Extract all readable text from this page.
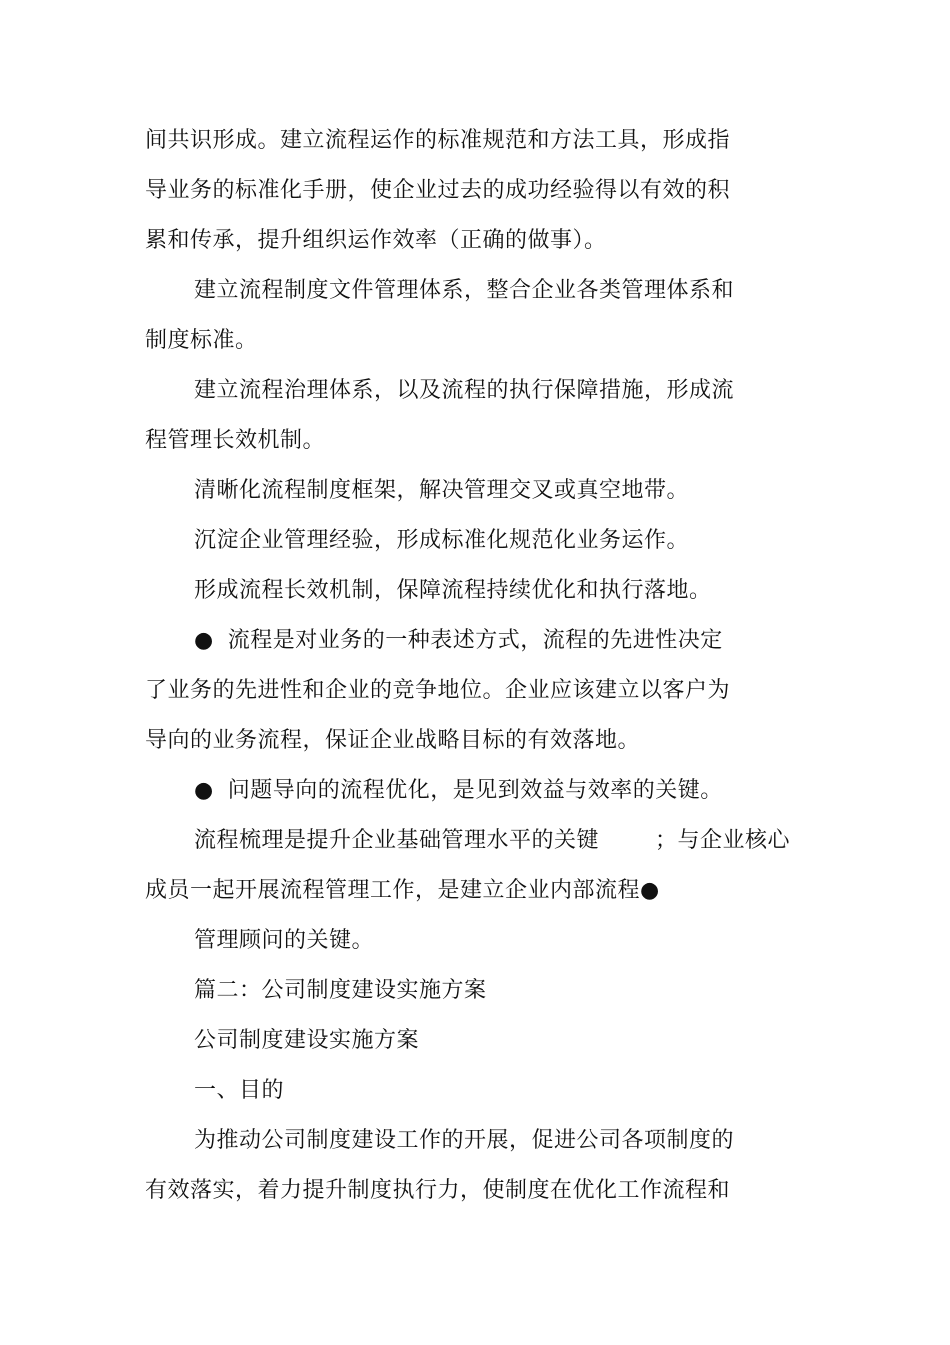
间共识形成。建立流程运作的标准规范和方法工具，形成指
导业务的标准化手册，使企业过去的成功经验得以有效的积
累和传承，提升组织运作效率（正确的做事）。
建立流程制度文件管理体系，整合企业各类管理体系和
制度标准。
建立流程治理体系，以及流程的执行保障措施，形成流
程管理长效机制。
清晰化流程制度框架，解决管理交叉或真空地带。
沉淀企业管理经验，形成标准化规范化业务运作。
形成流程长效机制，保障流程持续优化和执行落地。
● 流程是对业务的一种表述方式，流程的先进性决定
了业务的先进性和企业的竞争地位。企业应该建立以客户为
导向的业务流程，保证企业战略目标的有效落地。
● 问题导向的流程优化，是见到效益与效率的关键。
流程梳理是提升企业基础管理水平的关键	；与企业核心
成员一起开展流程管理工作，是建立企业内部流程●
管理顾问的关键。
篇二：公司制度建设实施方案
公司制度建设实施方案
一、目的
为推动公司制度建设工作的开展，促进公司各项制度的
有效落实，着力提升制度执行力，使制度在优化工作流程和
